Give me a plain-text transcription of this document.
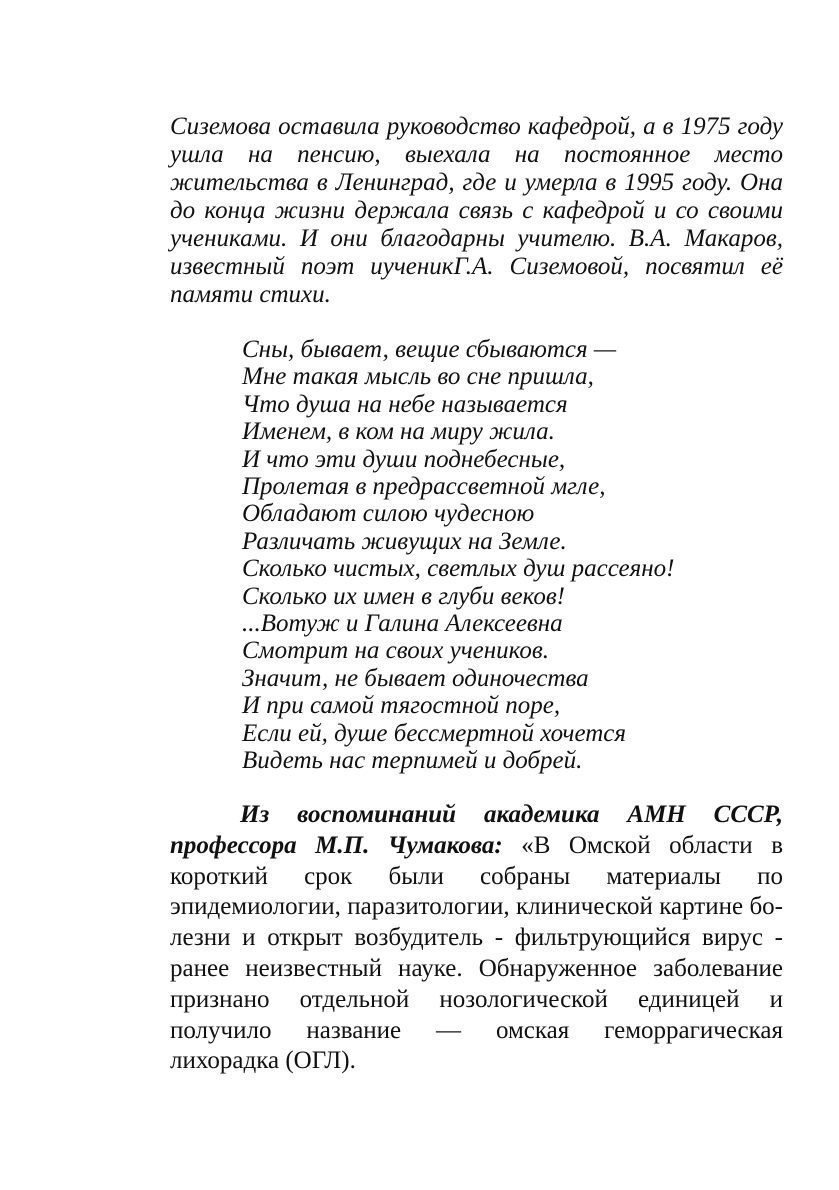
Сиземова оставила руководство кафедрой, а в 1975 году ушла на пенсию, выехала на постоянное место жительства в Ленинград, где и умерла в 1995 году. Она до конца жизни держала связь с кафедрой и со своими учениками. И они благодарны учителю. В.А. Макаров, известный поэт иученикГ.А. Сиземовой, посвятил её памяти стихи.

Сны, бывает, вещие сбываются —
Мне такая мысль во сне пришла,
Что душа на небе называется
Именем, в ком на миру жила.
И что эти души поднебесные,
Пролетая в предрассветной мгле,
Обладают силою чудесною
Различать живущих на Земле.
Сколько чистых, светлых душ рассеяно!
Сколько их имен в глуби веков!
...Вотуж и Галина Алексеевна
Смотрит на своих учеников.
Значит, не бывает одиночества
И при самой тягостной поре,
Если ей, душе бессмертной хочется
Видеть нас терпимей и добрей.

Из воспоминаний академика АМН СССР, профессора М.П. Чумакова: «В Омской области в короткий срок были собраны материалы по эпидемиологии, паразитологии, клинической картине бо-лезни и открыт возбудитель - фильтрующийся вирус - ранее неизвестный науке. Обнаруженное заболевание признано отдельной нозологической единицей и получило название — омская геморрагическая лихорадка (ОГЛ).
